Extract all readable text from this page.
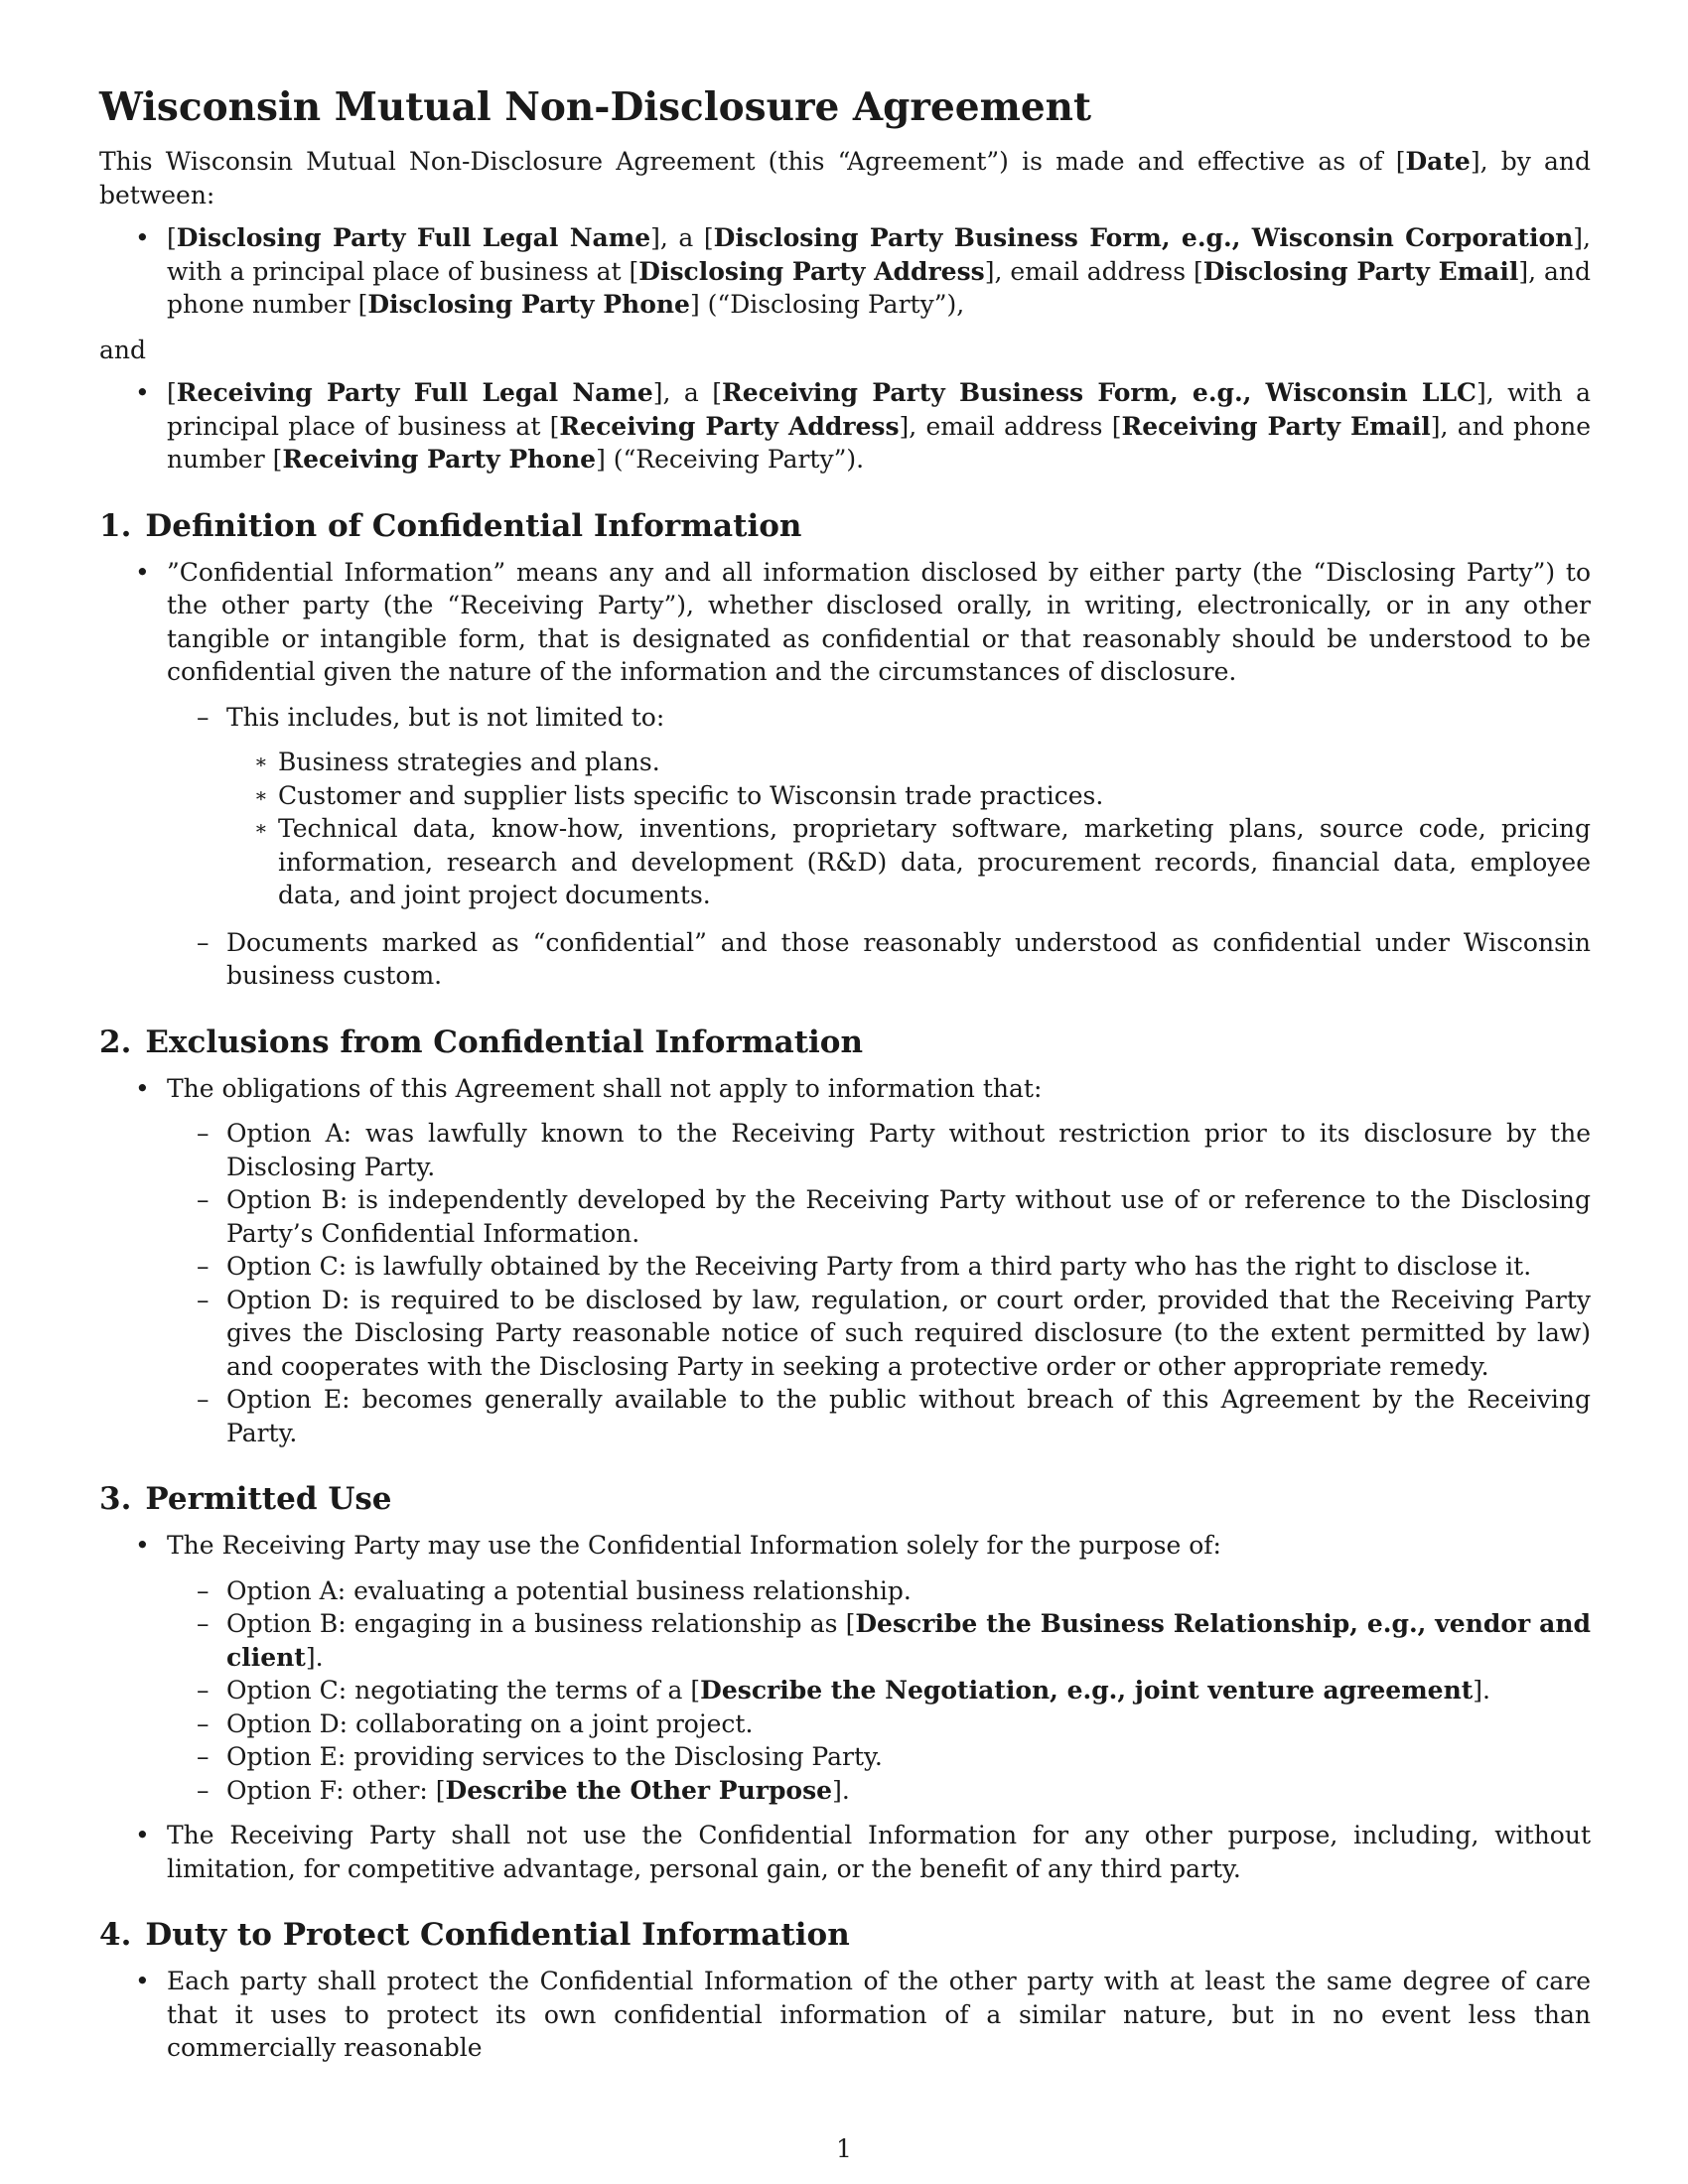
Wisconsin Mutual Non-Disclosure Agreement

This Wisconsin Mutual Non-Disclosure Agreement (this “Agreement”) is made and effective as of [Date], by and between:

• [Disclosing Party Full Legal Name], a [Disclosing Party Business Form, e.g., Wisconsin Corporation], with a principal place of business at [Disclosing Party Address], email address [Disclosing Party Email], and phone number [Disclosing Party Phone] (“Disclosing Party”),

and

• [Receiving Party Full Legal Name], a [Receiving Party Business Form, e.g., Wisconsin LLC], with a principal place of business at [Receiving Party Address], email address [Receiving Party Email], and phone number [Receiving Party Phone] (“Receiving Party”).
1. Definition of Confidential Information
• ”Confidential Information” means any and all information disclosed by either party (the “Disclosing Party”) to the other party (the “Receiving Party”), whether disclosed orally, in writing, electronically, or in any other tangible or intangible form, that is designated as confidential or that reasonably should be understood to be confidential given the nature of the information and the circumstances of disclosure.
– This includes, but is not limited to:
∗ Business strategies and plans.
∗ Customer and supplier lists specific to Wisconsin trade practices.
∗ Technical data, know-how, inventions, proprietary software, marketing plans, source code, pricing information, research and development (R&D) data, procurement records, financial data, employee data, and joint project documents.
– Documents marked as “confidential” and those reasonably understood as confidential under Wisconsin business custom.
2. Exclusions from Confidential Information
• The obligations of this Agreement shall not apply to information that:
– Option A: was lawfully known to the Receiving Party without restriction prior to its disclosure by the Disclosing Party.
– Option B: is independently developed by the Receiving Party without use of or reference to the Disclosing Party’s Confidential Information.
– Option C: is lawfully obtained by the Receiving Party from a third party who has the right to disclose it.
– Option D: is required to be disclosed by law, regulation, or court order, provided that the Receiving Party gives the Disclosing Party reasonable notice of such required disclosure (to the extent permitted by law) and cooperates with the Disclosing Party in seeking a protective order or other appropriate remedy.
– Option E: becomes generally available to the public without breach of this Agreement by the Receiving Party.
3. Permitted Use
• The Receiving Party may use the Confidential Information solely for the purpose of:
– Option A: evaluating a potential business relationship.
– Option B: engaging in a business relationship as [Describe the Business Relationship, e.g., vendor and client].
– Option C: negotiating the terms of a [Describe the Negotiation, e.g., joint venture agreement].
– Option D: collaborating on a joint project.
– Option E: providing services to the Disclosing Party.
– Option F: other: [Describe the Other Purpose].
• The Receiving Party shall not use the Confidential Information for any other purpose, including, without limitation, for competitive advantage, personal gain, or the benefit of any third party.
4. Duty to Protect Confidential Information
• Each party shall protect the Confidential Information of the other party with at least the same degree of care that it uses to protect its own confidential information of a similar nature, but in no event less than commercially reasonable
1
